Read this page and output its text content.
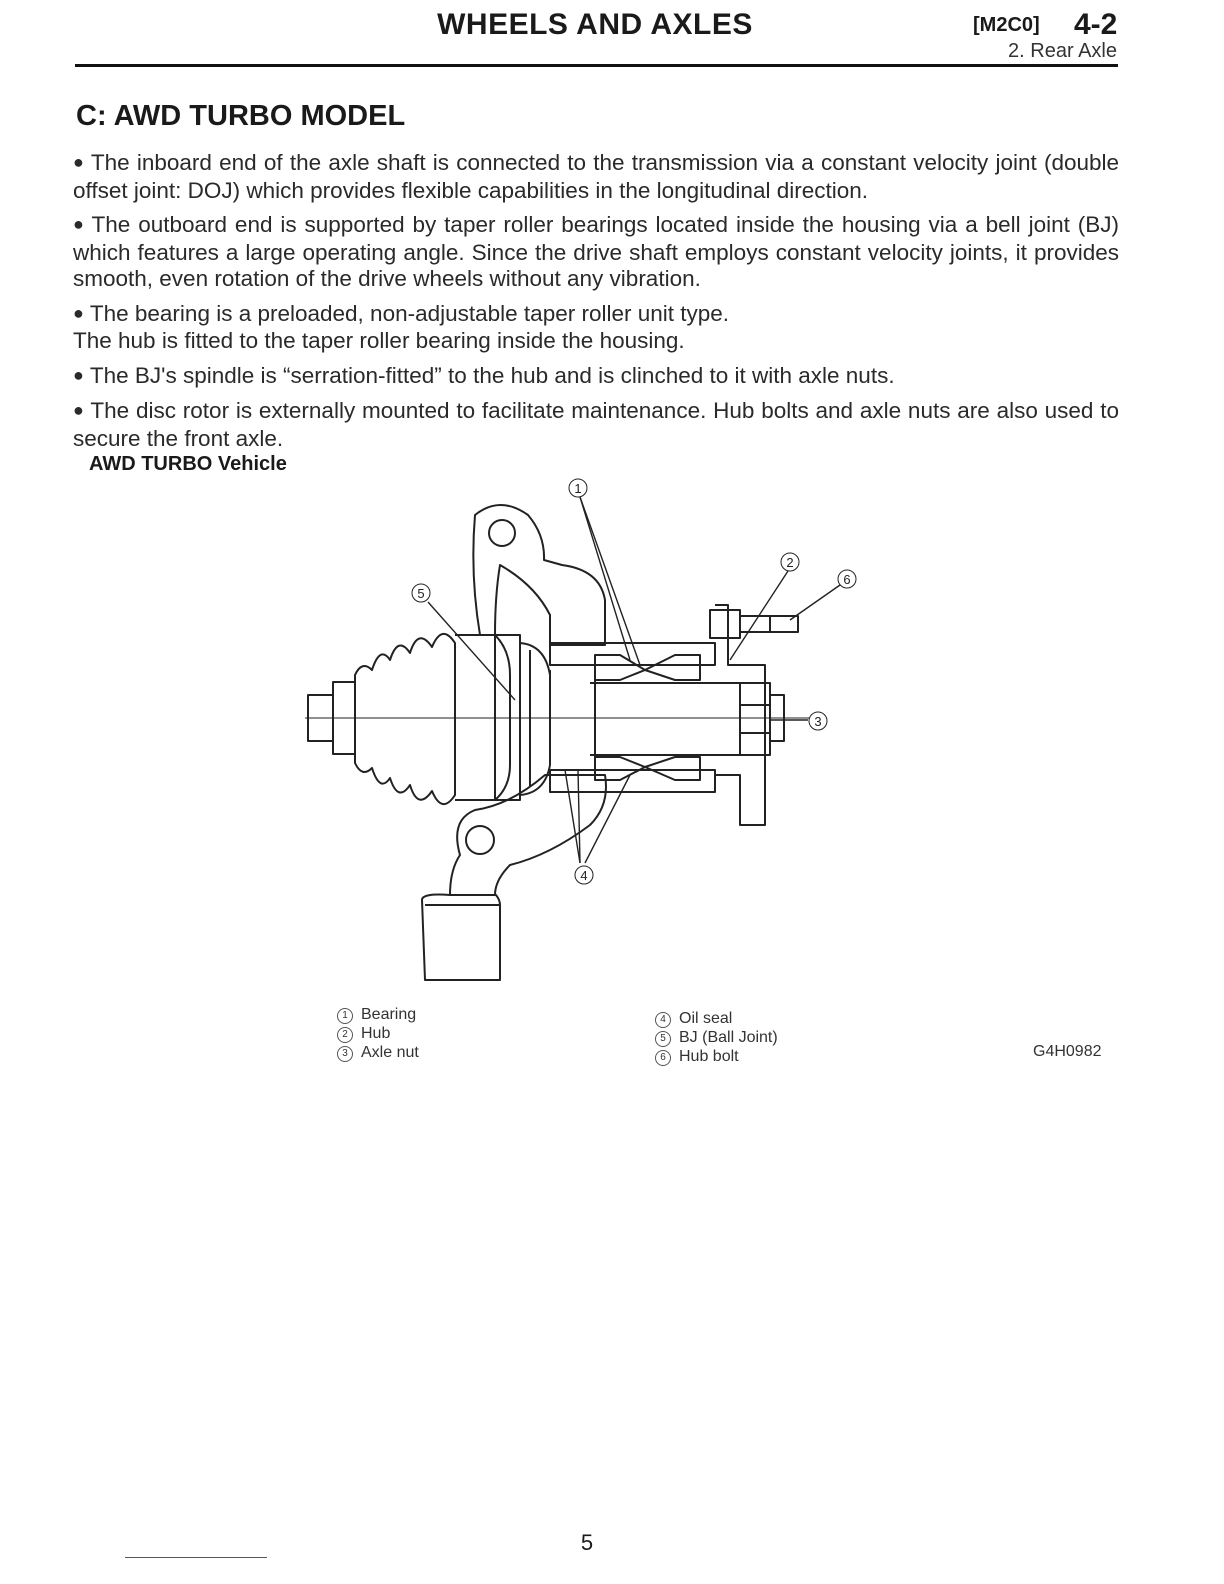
WHEELS AND AXLES	[M2C0] 4-2
2. Rear Axle
C: AWD TURBO MODEL

● The inboard end of the axle shaft is connected to the transmission via a constant velocity joint (double offset joint: DOJ) which provides flexible capabilities in the longitudinal direction.

● The outboard end is supported by taper roller bearings located inside the housing via a bell joint (BJ) which features a large operating angle. Since the drive shaft employs constant velocity joints, it provides smooth, even rotation of the drive wheels without any vibration.

● The bearing is a preloaded, non-adjustable taper roller unit type.

The hub is fitted to the taper roller bearing inside the housing.

● The BJ's spindle is “serration-fitted” to the hub and is clinched to it with axle nuts.

● The disc rotor is externally mounted to facilitate maintenance. Hub bolts and axle nuts are also used to secure the front axle.

AWD TURBO Vehicle
1
2
6
3
5
4
1 Bearing
2 Hub
3 Axle nut
4 Oil seal
5 BJ (Ball Joint)
6 Hub bolt	G4H0982
5
